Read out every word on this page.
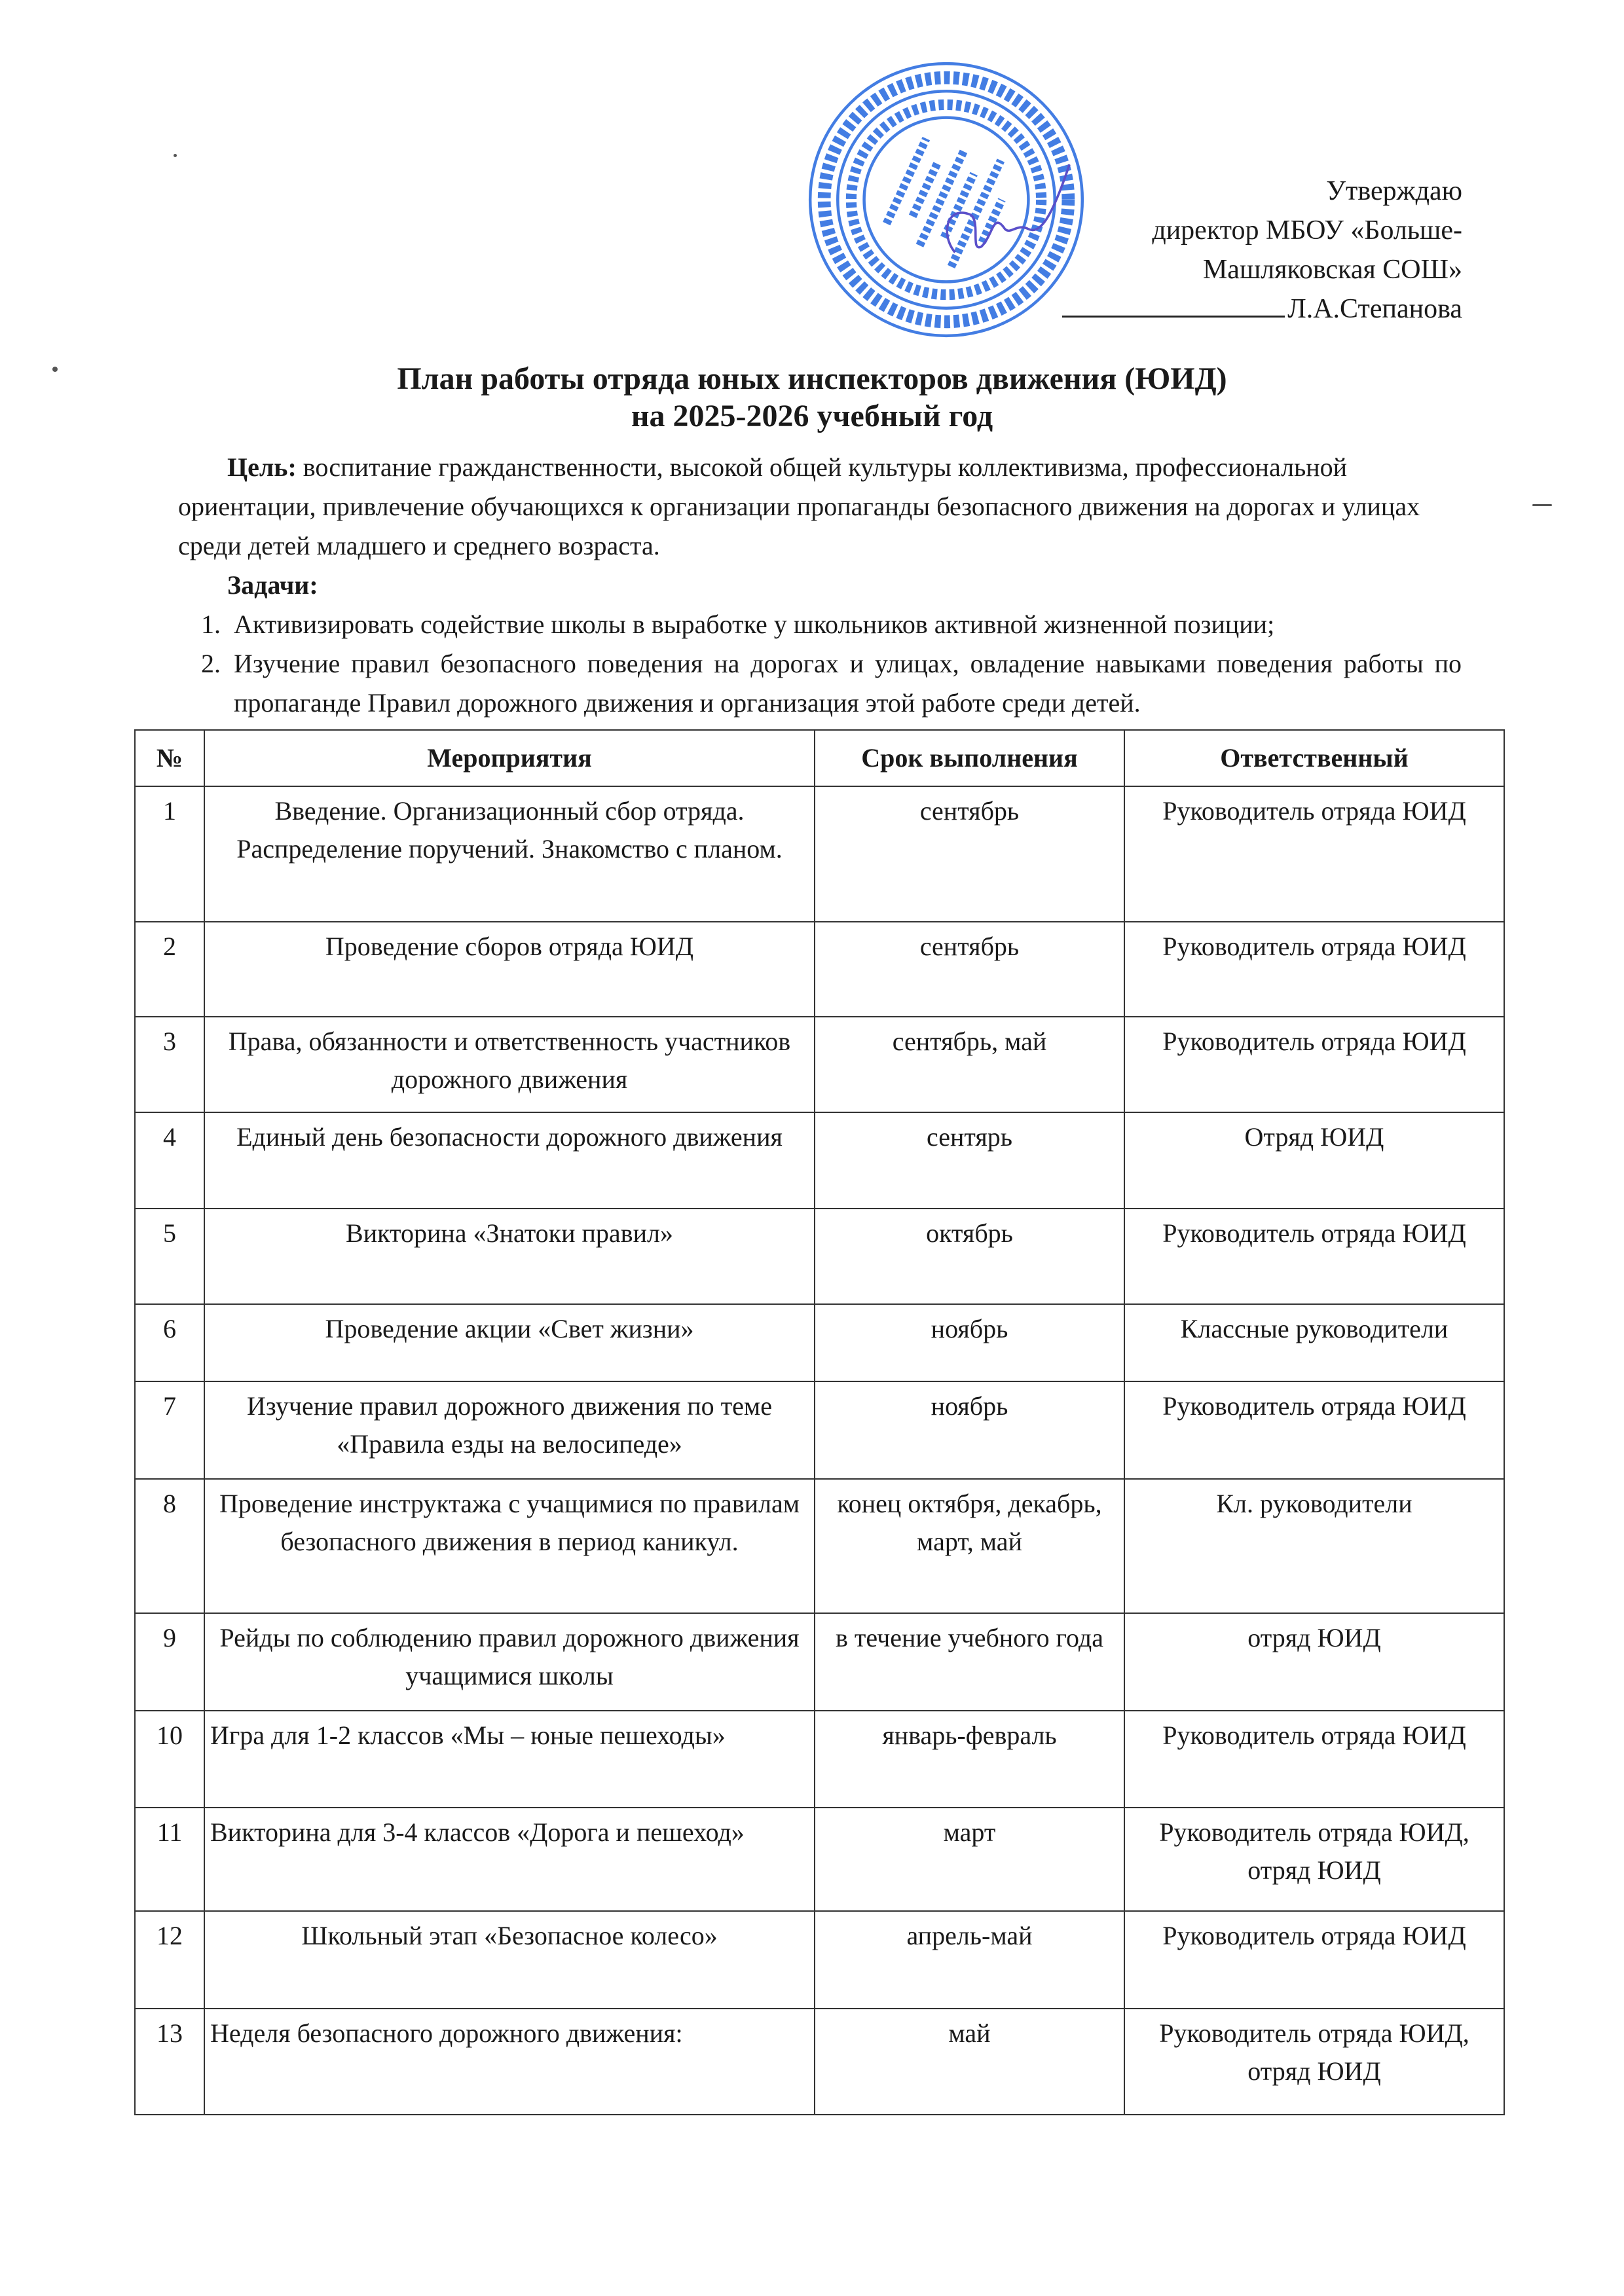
Утверждаю
директор МБОУ «Больше-
Машляковская СОШ»
Л.А.Степанова
План работы отряда юных инспекторов движения (ЮИД)
на 2025-2026 учебный год

Цель: воспитание гражданственности, высокой общей культуры коллективизма, профессиональной ориентации, привлечение обучающихся к организации пропаганды безопасного движения на дорогах и улицах среди детей младшего и среднего возраста.

Задачи:

1. Активизировать содействие школы в выработке у школьников активной жизненной позиции;
2. Изучение правил безопасного поведения на дорогах и улицах, овладение навыками поведения работы по пропаганде Правил дорожного движения и организация этой работе среди детей.
№	Мероприятия	Срок выполнения	Ответственный
1	Введение. Организационный сбор отряда. Распределение поручений. Знакомство с планом.	сентябрь	Руководитель отряда ЮИД
2	Проведение сборов отряда ЮИД	сентябрь	Руководитель отряда ЮИД
3	Права, обязанности и ответственность участников дорожного движения	сентябрь, май	Руководитель отряда ЮИД
4	Единый день безопасности дорожного движения	сентярь	Отряд ЮИД
5	Викторина «Знатоки правил»	октябрь	Руководитель отряда ЮИД
6	Проведение акции «Свет жизни»	ноябрь	Классные руководители
7	Изучение правил дорожного движения по теме «Правила езды на велосипеде»	ноябрь	Руководитель отряда ЮИД
8	Проведение инструктажа с учащимися по правилам безопасного движения в период каникул.	конец октября, декабрь, март, май	Кл. руководители
9	Рейды по соблюдению правил дорожного движения учащимися школы	в течение учебного года	отряд ЮИД
10	Игра для 1-2 классов «Мы – юные пешеходы»	январь-февраль	Руководитель отряда ЮИД
11	Викторина для 3-4 классов «Дорога и пешеход»	март	Руководитель отряда ЮИД, отряд ЮИД
12	Школьный этап «Безопасное колесо»	апрель-май	Руководитель отряда ЮИД
13	Неделя безопасного дорожного движения:	май	Руководитель отряда ЮИД, отряд ЮИД
